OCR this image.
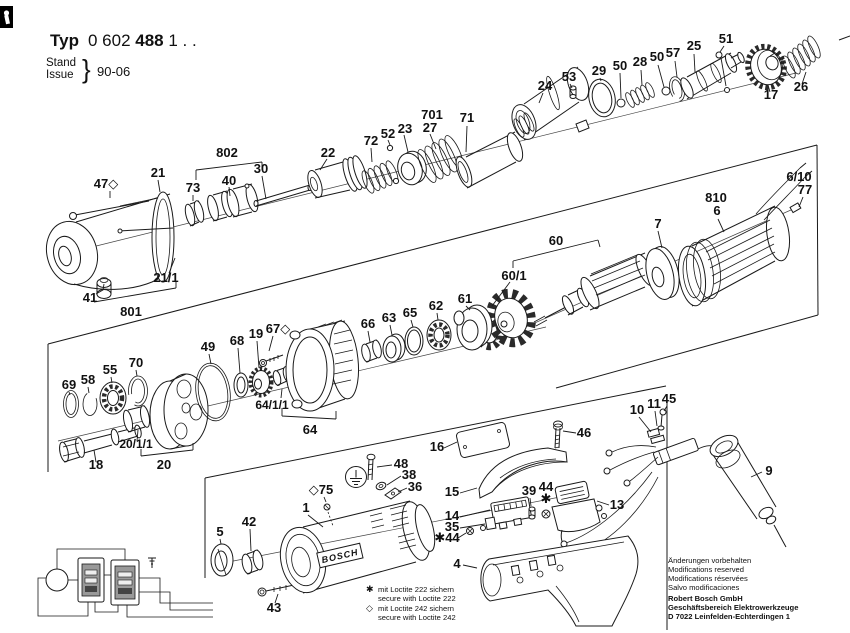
Typ 0 602 488 1 . .
Stand
Issue } 90-06
BOSCH
21
47◇	73
802
40
30
22
72 52 23
701
27
71
24
53 29 50 28 50 57 25 51
17
26
6/10
77
810
6
7
60
60/1
21/1
41
801
69 58
55 70
49 68 19 67◇
64/1/1
64
66 63 65 62 61
18
20/1/1
20
5
42
1
◇75
43
48
38
36
16
46
15
14
35
✱44
4
39 44
✱	13
10 11 45
9
✱ mit Loctite 222 sichern
secure with Loctite 222
◇ mit Loctite 242 sichern
secure with Loctite 242
Änderungen vorbehalten
Modifications reserved
Modifications réservées
Salvo modificaciones
Robert Bosch GmbH
Geschäftsbereich Elektrowerkzeuge
D 7022 Leinfelden-Echterdingen 1
